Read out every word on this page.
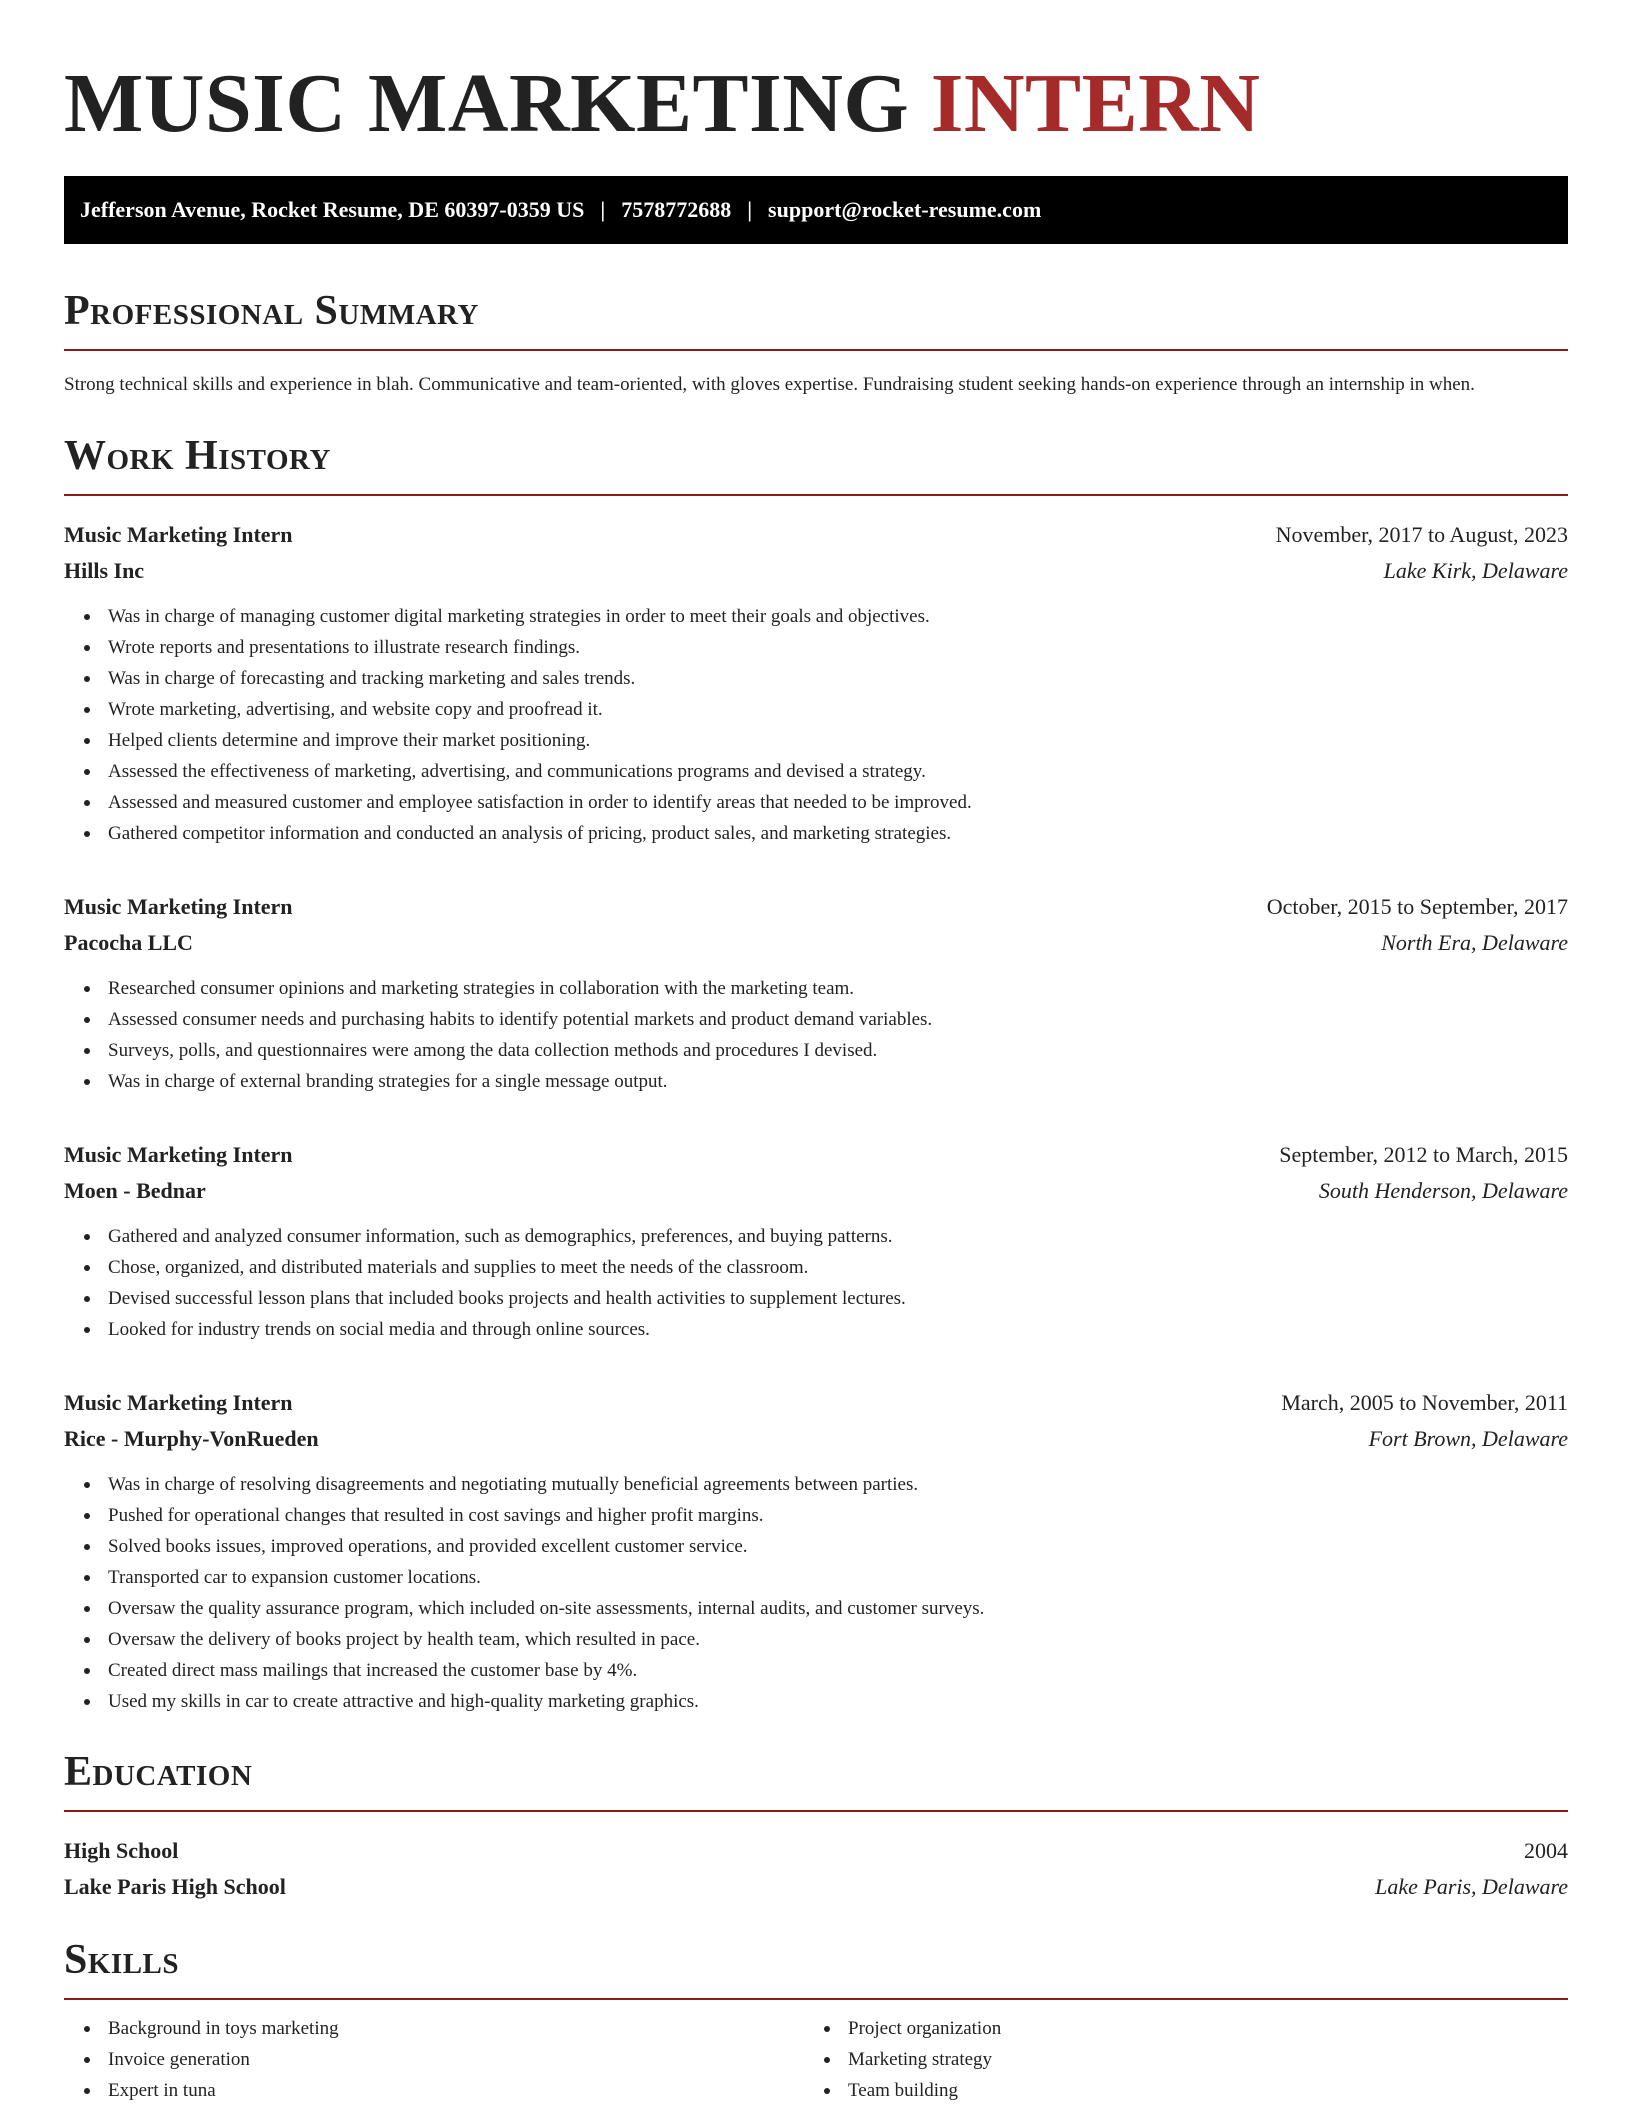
MUSIC MARKETING INTERN
Jefferson Avenue, Rocket Resume, DE 60397-0359 US | 7578772688 | support@rocket-resume.com
Professional Summary

Strong technical skills and experience in blah. Communicative and team-oriented, with gloves expertise. Fundraising student seeking hands-on experience through an internship in when.

Work History
Music Marketing Intern	November, 2017 to August, 2023
Hills Inc	Lake Kirk, Delaware
Was in charge of managing customer digital marketing strategies in order to meet their goals and objectives.
Wrote reports and presentations to illustrate research findings.
Was in charge of forecasting and tracking marketing and sales trends.
Wrote marketing, advertising, and website copy and proofread it.
Helped clients determine and improve their market positioning.
Assessed the effectiveness of marketing, advertising, and communications programs and devised a strategy.
Assessed and measured customer and employee satisfaction in order to identify areas that needed to be improved.
Gathered competitor information and conducted an analysis of pricing, product sales, and marketing strategies.
Music Marketing Intern	October, 2015 to September, 2017
Pacocha LLC	North Era, Delaware
Researched consumer opinions and marketing strategies in collaboration with the marketing team.
Assessed consumer needs and purchasing habits to identify potential markets and product demand variables.
Surveys, polls, and questionnaires were among the data collection methods and procedures I devised.
Was in charge of external branding strategies for a single message output.
Music Marketing Intern	September, 2012 to March, 2015
Moen - Bednar	South Henderson, Delaware
Gathered and analyzed consumer information, such as demographics, preferences, and buying patterns.
Chose, organized, and distributed materials and supplies to meet the needs of the classroom.
Devised successful lesson plans that included books projects and health activities to supplement lectures.
Looked for industry trends on social media and through online sources.
Music Marketing Intern	March, 2005 to November, 2011
Rice - Murphy-VonRueden	Fort Brown, Delaware
Was in charge of resolving disagreements and negotiating mutually beneficial agreements between parties.
Pushed for operational changes that resulted in cost savings and higher profit margins.
Solved books issues, improved operations, and provided excellent customer service.
Transported car to expansion customer locations.
Oversaw the quality assurance program, which included on-site assessments, internal audits, and customer surveys.
Oversaw the delivery of books project by health team, which resulted in pace.
Created direct mass mailings that increased the customer base by 4%.
Used my skills in car to create attractive and high-quality marketing graphics.
Education
High School	2004
Lake Paris High School	Lake Paris, Delaware
Skills
Background in toys marketing
Invoice generation
Expert in tuna
Project organization
Marketing strategy
Team building
